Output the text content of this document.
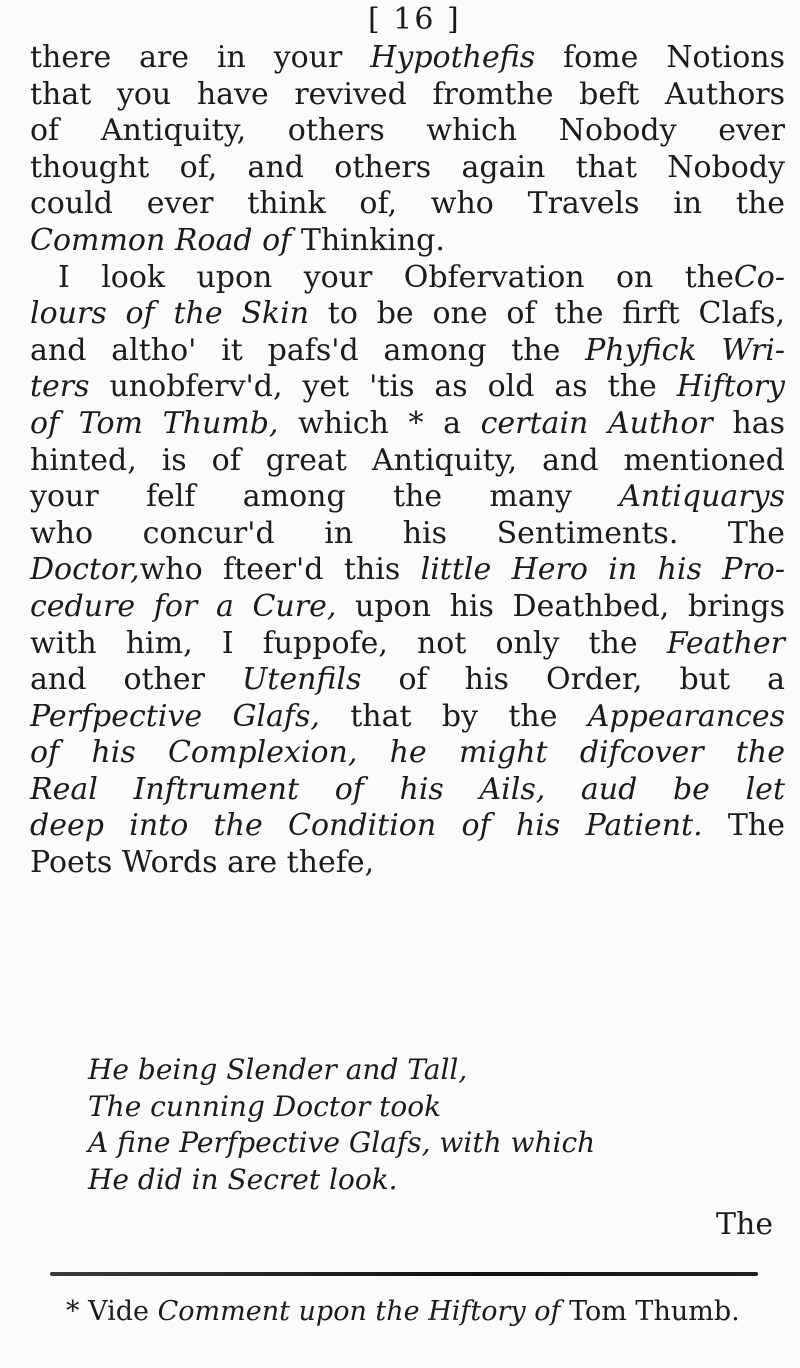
[ 16 ]
there are in your Hypothefis fome Notions
that you have revived fromthe beft Authors
of Antiquity, others which Nobody ever
thought of, and others again that Nobody
could ever think of, who Travels in the
Common Road of Thinking.
I look upon your Obfervation on theCo-
lours of the Skin to be one of the firft Clafs,
and altho' it pafs'd among the Phyfick Wri-
ters unobferv'd, yet 'tis as old as the Hiftory
of Tom Thumb, which * a certain Author has
hinted, is of great Antiquity, and mentioned
your felf among the many Antiquarys
who concur'd in his Sentiments. The
Doctor,who fteer'd this little Hero in his Pro-
cedure for a Cure, upon his Deathbed, brings
with him, I fuppofe, not only the Feather
and other Utenfils of his Order, but a
Perfpective Glafs, that by the Appearances
of his Complexion, he might difcover the
Real Inftrument of his Ails, aud be let
deep into the Condition of his Patient. The
Poets Words are thefe,
He being Slender and Tall,
The cunning Doctor took
A fine Perfpective Glafs, with which
He did in Secret look.
The
* Vide Comment upon the Hiftory of Tom Thumb.
